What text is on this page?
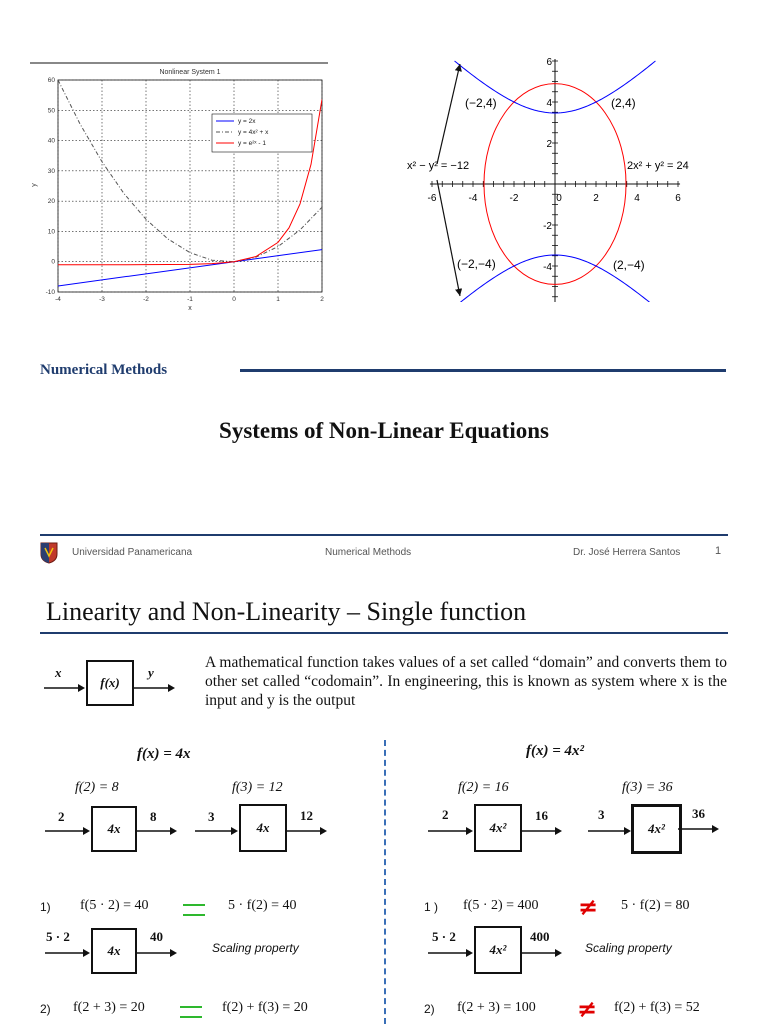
Nonlinear System 1
-4	-3	-2	-1	0	1	2
-10
0
10
20
30
40
50
60
x
y
y = 2x
y = 4x² + x
y = e²ˣ - 1
-6	-4	-2	0	2	4	6
6
4
2
-2
-4
(−2,4)	(2,4)
(−2,−4)	(2,−4)
x² − y² = −12	2x² + y² = 24
Numerical Methods
Systems of Non-Linear Equations
Universidad Panamericana	Numerical Methods	Dr. José Herrera Santos	1
Linearity and Non-Linearity – Single function
x
f(x)
y
A mathematical function takes values of a set called “domain” and converts them to other set called “codomain”. In engineering, this is known as system where x is the input and y is the output
f(x) = 4x
f(2) = 8
2
4x
8
f(3) = 12
3
4x
12
1) f(5 · 2) = 40	5 · f(2) = 40
5 · 2
4x
40
Scaling property
2) f(2 + 3) = 20	f(2) + f(3) = 20
f(x) = 4x²
f(2) = 16
2
4x²
16
f(3) = 36
3
4x²
36
1 ) f(5 · 2) = 400 ≠ 5 · f(2) = 80
5 · 2
4x²
400
Scaling property
2) f(2 + 3) = 100 ≠ f(2) + f(3) = 52
